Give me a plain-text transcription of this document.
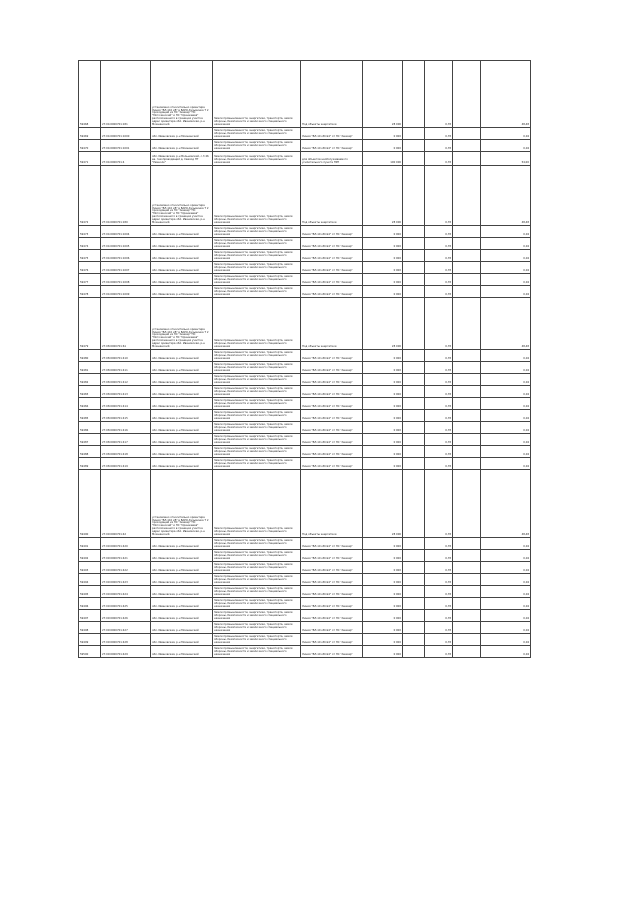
59468	27:04:0000701:181	установлено относительно ориентира Линия "ВЛ-110 кВ" в ВАРО-Кузьминка Т 2 проходящий из ПС "Амазар" ПС "Могочинский" и ПС "Оранжевая" расположенного в границах участка адрес ориентира обл. Ивановская, р-н Мокшанский	Земли промышленности, энергетики, транспорта, земли обороны, безопасности и земли иного специального назначения	Под объекты энергетики	28 000		0,78		48,48
59469	27:04:0000701:1000	обл. Ивановская, р-н Мокшанский	Земли промышленности, энергетики, транспорта, земли обороны, безопасности и земли иного специального назначения	Линия "ВЛ-10 кВ №4" от ПС "Амазар"	0 000		0,78		0,04
59470	27:04:0000701:1001	обл. Ивановская, р-н Мокшанский	Земли промышленности, энергетики, транспорта, земли обороны, безопасности и земли иного специального назначения	Линия "ВЛ-10 кВ №4" от ПС "Амазар"	0 000		0,78		0,04
59471	27:04:0000701:4	обл. Ивановская, р-н Вольновский, с.3 46 ев. газопроводящий д. Сваход ПТ "Ремнолк"	Земли промышленности, энергетики, транспорта, земли обороны, безопасности и земли иного специального назначения	для объектов необслуживаемого усилительного пункта НУП	100 000		0,78		54,00
59472	27:04:0000701:180	установлено относительно ориентира Линия "ВЛ-110 кВ" в ВАРО-Кузьминка Т 2 проходящий из ПС "Амазар" ПС "Могочинский" и ПС "Оранжевая" расположенного в границах участка адрес ориентира обл. Ивановская, р-н Мокшанский	Земли промышленности, энергетики, транспорта, земли обороны, безопасности и земли иного специального назначения	Под объекты энергетики	28 000		0,78		48,48
59473	27:04:0000701:1004	обл. Ивановская, р-н Мокшанский	Земли промышленности, энергетики, транспорта, земли обороны, безопасности и земли иного специального назначения	Линия "ВЛ-10 кВ №4" от ПС "Амазар"	0 000		0,78		0,04
59474	27:04:0000701:1005	обл. Ивановская, р-н Мокшанский	Земли промышленности, энергетики, транспорта, земли обороны, безопасности и земли иного специального назначения	Линия "ВЛ-10 кВ №4" от ПС "Амазар"	0 000		0,78		0,04
59475	27:04:0000701:1006	обл. Ивановская, р-н Мокшанский	Земли промышленности, энергетики, транспорта, земли обороны, безопасности и земли иного специального назначения	Линия "ВЛ-10 кВ №4" от ПС "Амазар"	0 000		0,78		0,04
59476	27:04:0000701:1007	обл. Ивановская, р-н Мокшанский	Земли промышленности, энергетики, транспорта, земли обороны, безопасности и земли иного специального назначения	Линия "ВЛ-10 кВ №4" от ПС "Амазар"	0 000		0,78		0,04
59477	27:04:0000701:1008	обл. Ивановская, р-н Мокшанский	Земли промышленности, энергетики, транспорта, земли обороны, безопасности и земли иного специального назначения	Линия "ВЛ-10 кВ №4" от ПС "Амазар"	0 000		0,78		0,04
59478	27:04:0000701:1009	обл. Ивановская, р-н Мокшанский	Земли промышленности, энергетики, транспорта, земли обороны, безопасности и земли иного специального назначения	Линия "ВЛ-10 кВ №4" от ПС "Амазар"	0 000		0,78		0,04
59479	27:08:0000701:61	установлено относительно ориентира Линия "ВЛ-110 кВ" в ВАРО-Кузьминка Т 2 проходящий из ПС "Амазар" ПС "Могочинский" и ПС "Оранжевая" расположенного в границах участка адрес ориентира обл. Ивановская, р-н Мокшанский	Земли промышленности, энергетики, транспорта, земли обороны, безопасности и земли иного специального назначения	Под объекты энергетики	28 000		0,78		48,48
59480	27:08:0000701:410	обл. Ивановская, р-н Мокшанский	Земли промышленности, энергетики, транспорта, земли обороны, безопасности и земли иного специального назначения	Линия "ВЛ-10 кВ №4" от ПС "Амазар"	0 000		0,78		0,04
59481	27:08:0000701:411	обл. Ивановская, р-н Мокшанский	Земли промышленности, энергетики, транспорта, земли обороны, безопасности и земли иного специального назначения	Линия "ВЛ-10 кВ №4" от ПС "Амазар"	0 000		0,78		0,04
59482	27:08:0000701:412	обл. Ивановская, р-н Мокшанский	Земли промышленности, энергетики, транспорта, земли обороны, безопасности и земли иного специального назначения	Линия "ВЛ-10 кВ №4" от ПС "Амазар"	0 000		0,78		0,04
59483	27:08:0000701:413	обл. Ивановская, р-н Мокшанский	Земли промышленности, энергетики, транспорта, земли обороны, безопасности и земли иного специального назначения	Линия "ВЛ-10 кВ №4" от ПС "Амазар"	0 000		0,78		0,04
59484	27:08:0000701:414	обл. Ивановская, р-н Мокшанский	Земли промышленности, энергетики, транспорта, земли обороны, безопасности и земли иного специального назначения	Линия "ВЛ-10 кВ №4" от ПС "Амазар"	0 000		0,78		0,04
59485	27:08:0000701:415	обл. Ивановская, р-н Мокшанский	Земли промышленности, энергетики, транспорта, земли обороны, безопасности и земли иного специального назначения	Линия "ВЛ-10 кВ №4" от ПС "Амазар"	0 000		0,78		0,04
59486	27:08:0000701:416	обл. Ивановская, р-н Мокшанский	Земли промышленности, энергетики, транспорта, земли обороны, безопасности и земли иного специального назначения	Линия "ВЛ-10 кВ №4" от ПС "Амазар"	0 000		0,78		0,04
59487	27:08:0000701:417	обл. Ивановская, р-н Мокшанский	Земли промышленности, энергетики, транспорта, земли обороны, безопасности и земли иного специального назначения	Линия "ВЛ-10 кВ №4" от ПС "Амазар"	0 000		0,78		0,04
59488	27:08:0000701:418	обл. Ивановская, р-н Мокшанский	Земли промышленности, энергетики, транспорта, земли обороны, безопасности и земли иного специального назначения	Линия "ВЛ-10 кВ №4" от ПС "Амазар"	0 000		0,78		0,04
59489	27:08:0000701:419	обл. Ивановская, р-н Мокшанский	Земли промышленности, энергетики, транспорта, земли обороны, безопасности и земли иного специального назначения	Линия "ВЛ-10 кВ №4" от ПС "Амазар"	0 000		0,78		0,04
59490	27:09:0000701:42	установлено относительно ориентира Линия "ВЛ-110 кВ" в ВАРО-Кузьминка Т 2 проходящий из ПС "Амазар" ПС "Могочинский" и ПС "Оранжевая" расположенного в границах участка адрес ориентира обл. Ивановская, р-н Мокшанский	Земли промышленности, энергетики, транспорта, земли обороны, безопасности и земли иного специального назначения	Под объекты энергетики	28 000		0,78		48,48
59491	27:09:0000701:420	обл. Ивановская, р-н Мокшанский	Земли промышленности, энергетики, транспорта, земли обороны, безопасности и земли иного специального назначения	Линия "ВЛ-10 кВ №4" от ПС "Амазар"	0 000		0,78		0,04
59492	27:09:0000701:421	обл. Ивановская, р-н Мокшанский	Земли промышленности, энергетики, транспорта, земли обороны, безопасности и земли иного специального назначения	Линия "ВЛ-10 кВ №4" от ПС "Амазар"	0 000		0,78		0,04
59493	27:09:0000701:422	обл. Ивановская, р-н Мокшанский	Земли промышленности, энергетики, транспорта, земли обороны, безопасности и земли иного специального назначения	Линия "ВЛ-10 кВ №4" от ПС "Амазар"	0 000		0,78		0,04
59494	27:09:0000701:423	обл. Ивановская, р-н Мокшанский	Земли промышленности, энергетики, транспорта, земли обороны, безопасности и земли иного специального назначения	Линия "ВЛ-10 кВ №4" от ПС "Амазар"	0 000		0,78		0,04
59495	27:09:0000701:424	обл. Ивановская, р-н Мокшанский	Земли промышленности, энергетики, транспорта, земли обороны, безопасности и земли иного специального назначения	Линия "ВЛ-10 кВ №4" от ПС "Амазар"	0 000		0,78		0,04
59496	27:09:0000701:425	обл. Ивановская, р-н Мокшанский	Земли промышленности, энергетики, транспорта, земли обороны, безопасности и земли иного специального назначения	Линия "ВЛ-10 кВ №4" от ПС "Амазар"	0 000		0,78		0,04
59497	27:09:0000701:426	обл. Ивановская, р-н Мокшанский	Земли промышленности, энергетики, транспорта, земли обороны, безопасности и земли иного специального назначения	Линия "ВЛ-10 кВ №4" от ПС "Амазар"	0 000		0,78		0,04
59498	27:09:0000701:427	обл. Ивановская, р-н Мокшанский	Земли промышленности, энергетики, транспорта, земли обороны, безопасности и земли иного специального назначения	Линия "ВЛ-10 кВ №4" от ПС "Амазар"	0 000		0,78		0,04
59499	27:09:0000701:428	обл. Ивановская, р-н Мокшанский	Земли промышленности, энергетики, транспорта, земли обороны, безопасности и земли иного специального назначения	Линия "ВЛ-10 кВ №4" от ПС "Амазар"	0 000		0,78		0,04
59500	27:09:0000701:429	обл. Ивановская, р-н Мокшанский	Земли промышленности, энергетики, транспорта, земли обороны, безопасности и земли иного специального назначения	Линия "ВЛ-10 кВ №4" от ПС "Амазар"	0 000		0,78		0,04
